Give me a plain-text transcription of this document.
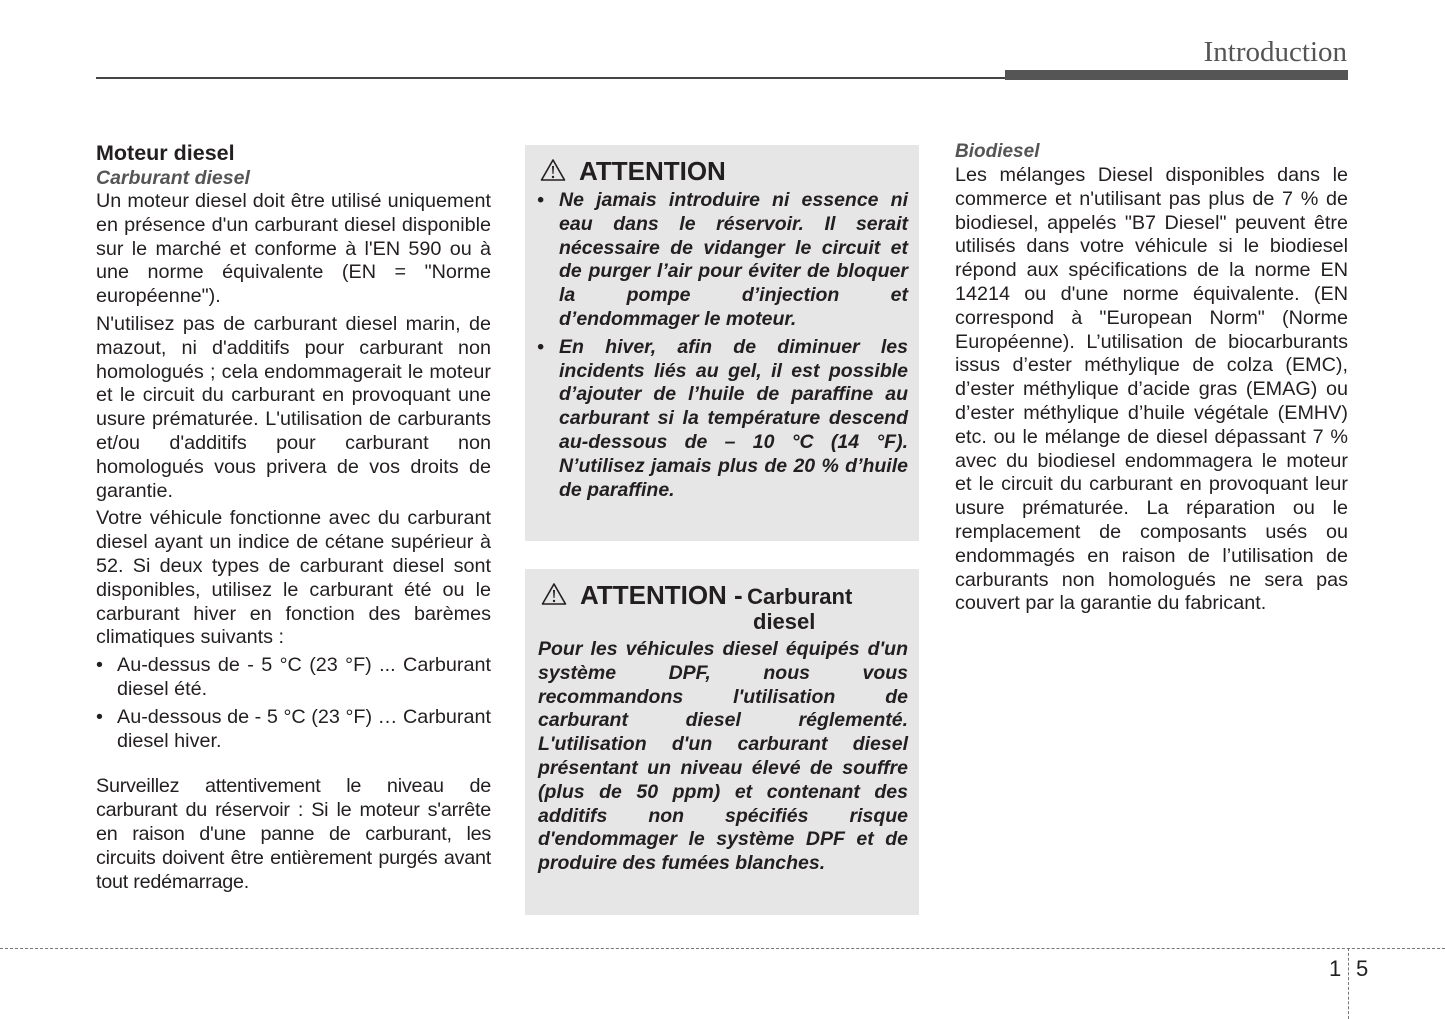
Introduction
Moteur diesel
Carburant diesel

Un moteur diesel doit être utilisé uniquement en présence d'un carburant diesel disponible sur le marché et conforme à l'EN 590 ou à une norme équivalente (EN = "Norme européenne").

N'utilisez pas de carburant diesel marin, de mazout, ni d'additifs pour carburant non homologués ; cela endommagerait le moteur et le circuit du carburant en provoquant une usure prématurée. L'utilisation de carburants et/ou d'additifs pour carburant non homologués vous privera de vos droits de garantie.

Votre véhicule fonctionne avec du carburant diesel ayant un indice de cétane supérieur à 52. Si deux types de carburant diesel sont disponibles, utilisez le carburant été ou le carburant hiver en fonction des barèmes climatiques suivants :

• Au-dessus de - 5 °C (23 °F) ... Carburant diesel été.
• Au-dessous de - 5 °C (23 °F) … Carburant diesel hiver.

Surveillez attentivement le niveau de carburant du réservoir : Si le moteur s'arrête en raison d'une panne de carburant, les circuits doivent être entièrement purgés avant tout redémarrage.

ATTENTION
• Ne jamais introduire ni essence ni eau dans le réservoir. Il serait nécessaire de vidanger le circuit et de purger l’air pour éviter de bloquer la pompe d’injection et d’endommager le moteur.
• En hiver, afin de diminuer les incidents liés au gel, il est possible d’ajouter de l’huile de paraffine au carburant si la température descend au-dessous de – 10 °C (14 °F). N’utilisez jamais plus de 20 % d’huile de paraffine.
ATTENTION - Carburant
diesel

Pour les véhicules diesel équipés d'un système DPF, nous vous recommandons l'utilisation de carburant diesel réglementé. L'utilisation d'un carburant diesel présentant un niveau élevé de souffre (plus de 50 ppm) et contenant des additifs non spécifiés risque d'endommager le système DPF et de produire des fumées blanches.

Biodiesel

Les mélanges Diesel disponibles dans le commerce et n'utilisant pas plus de 7 % de biodiesel, appelés "B7 Diesel" peuvent être utilisés dans votre véhicule si le biodiesel répond aux spécifications de la norme EN 14214 ou d'une norme équivalente. (EN correspond à "European Norm" (Norme Européenne). L’utilisation de biocarburants issus d’ester méthylique de colza (EMC), d’ester méthylique d’acide gras (EMAG) ou d’ester méthylique d’huile végétale (EMHV) etc. ou le mélange de diesel dépassant 7 % avec du biodiesel endommagera le moteur et le circuit du carburant en provoquant leur usure prématurée. La réparation ou le remplacement de composants usés ou endommagés en raison de l’utilisation de carburants non homologués ne sera pas couvert par la garantie du fabricant.

1 5
